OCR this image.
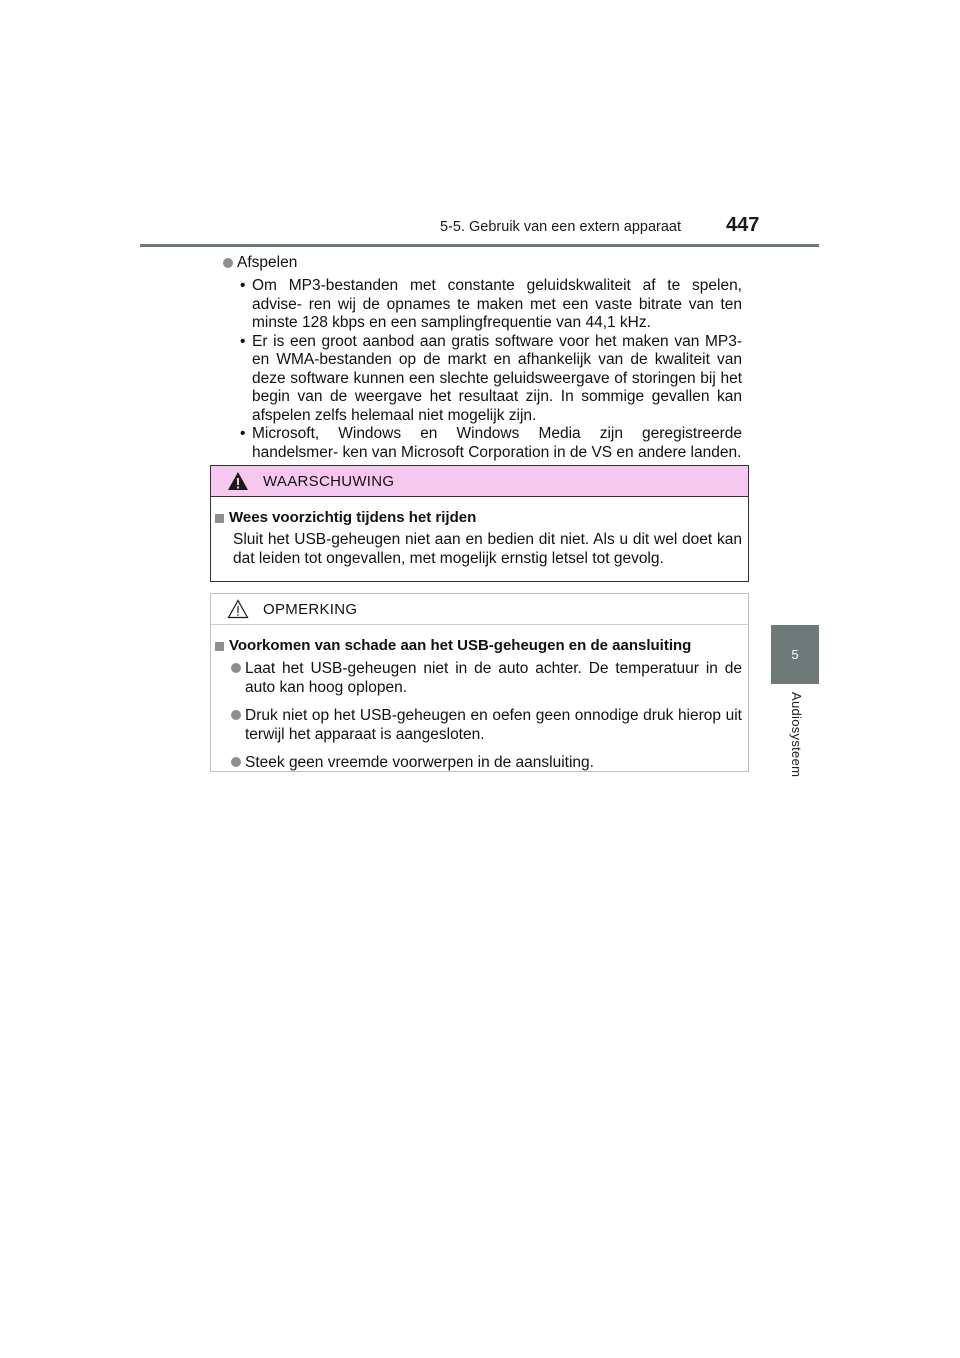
5-5. Gebruik van een extern apparaat	447
5
Audiosysteem
Afspelen
• Om MP3-bestanden met constante geluidskwaliteit af te spelen, advise- ren wij de opnames te maken met een vaste bitrate van ten minste 128 kbps en een samplingfrequentie van 44,1 kHz.
• Er is een groot aanbod aan gratis software voor het maken van MP3- en WMA-bestanden op de markt en afhankelijk van de kwaliteit van deze software kunnen een slechte geluidsweergave of storingen bij het begin van de weergave het resultaat zijn. In sommige gevallen kan afspelen zelfs helemaal niet mogelijk zijn.
• Microsoft, Windows en Windows Media zijn geregistreerde handelsmer- ken van Microsoft Corporation in de VS en andere landen.
WAARSCHUWING
Wees voorzichtig tijdens het rijden
Sluit het USB-geheugen niet aan en bedien dit niet. Als u dit wel doet kan dat leiden tot ongevallen, met mogelijk ernstig letsel tot gevolg.
OPMERKING
Voorkomen van schade aan het USB-geheugen en de aansluiting
Laat het USB-geheugen niet in de auto achter. De temperatuur in de auto kan hoog oplopen.
Druk niet op het USB-geheugen en oefen geen onnodige druk hierop uit terwijl het apparaat is aangesloten.
Steek geen vreemde voorwerpen in de aansluiting.
